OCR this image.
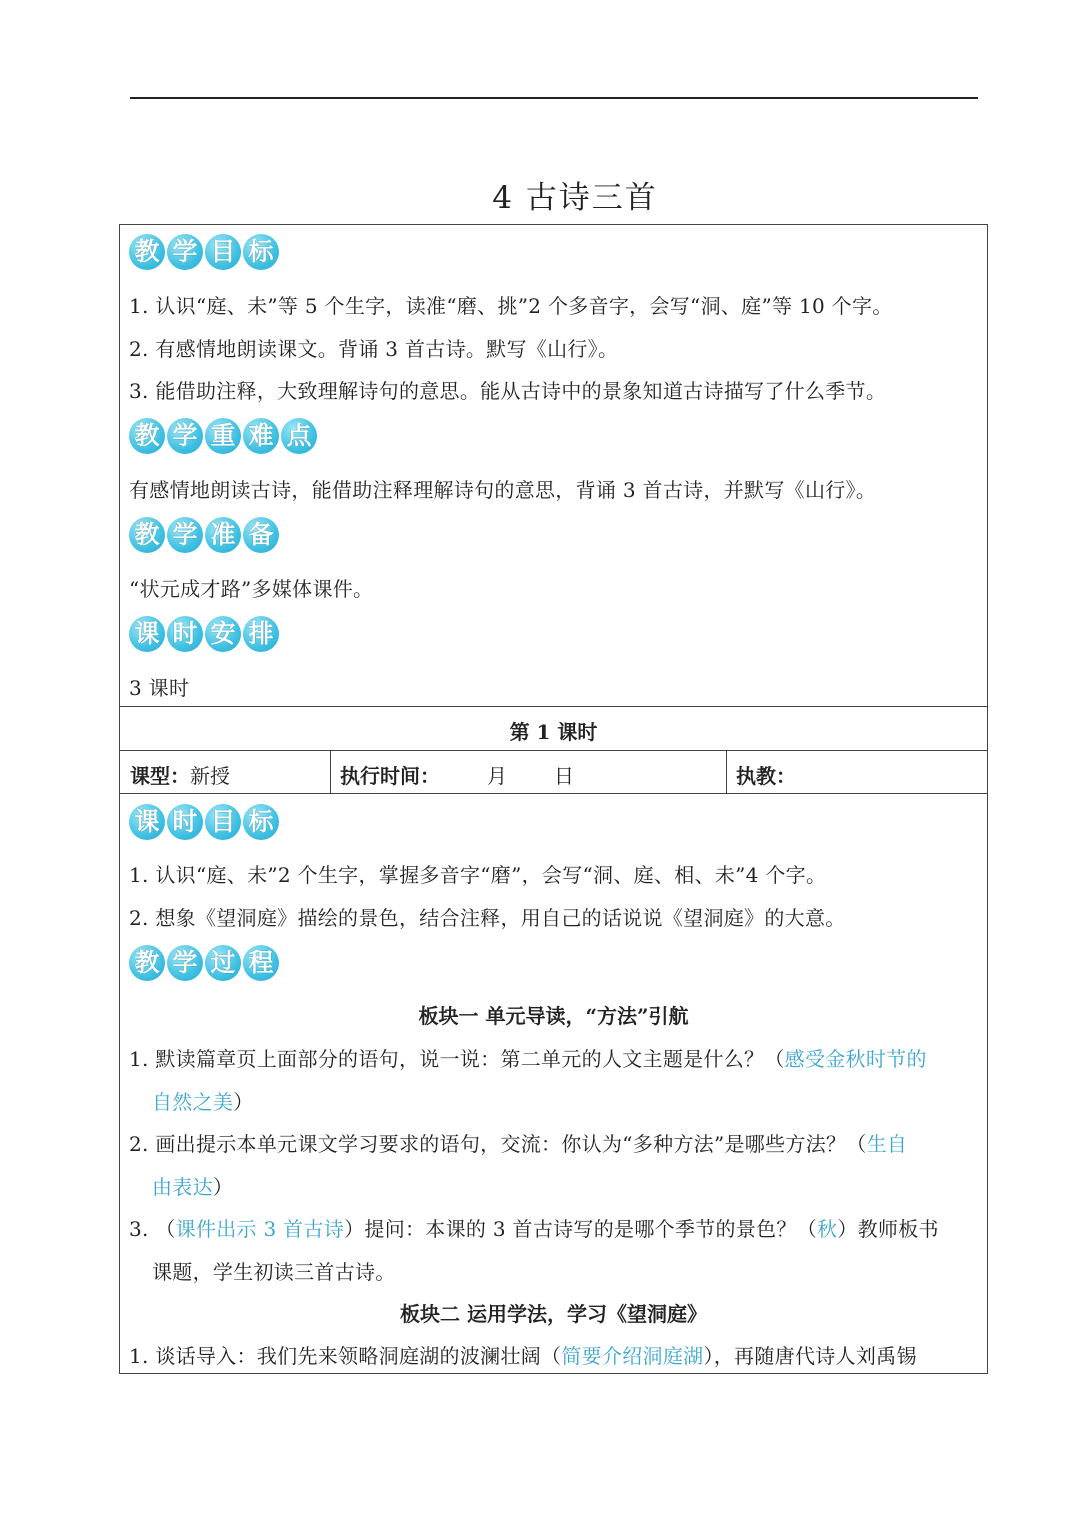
4 古诗三首
教 学 目 标
1. 认识“庭、未”等 5 个生字，读准“磨、挑”2 个多音字，会写“洞、庭”等 10 个字。
2. 有感情地朗读课文。背诵 3 首古诗。默写《山行》。
3. 能借助注释，大致理解诗句的意思。能从古诗中的景象知道古诗描写了什么季节。
教 学 重 难 点
有感情地朗读古诗，能借助注释理解诗句的意思，背诵 3 首古诗，并默写《山行》。
教 学 准 备
“状元成才路”多媒体课件。
课 时 安 排
3 课时
第 1 课时
课型：新授	执行时间： 月 日	执教：
课 时 目 标
1. 认识“庭、未”2 个生字，掌握多音字“磨”，会写“洞、庭、相、未”4 个字。
2. 想象《望洞庭》描绘的景色，结合注释，用自己的话说说《望洞庭》的大意。
教 学 过 程
板块一 单元导读，“方法”引航
1. 默读篇章页上面部分的语句，说一说：第二单元的人文主题是什么？（感受金秋时节的
自然之美）
2. 画出提示本单元课文学习要求的语句，交流：你认为“多种方法”是哪些方法？（生自
由表达）
3. （课件出示 3 首古诗）提问：本课的 3 首古诗写的是哪个季节的景色？（秋）教师板书
课题，学生初读三首古诗。
板块二 运用学法，学习《望洞庭》
1. 谈话导入：我们先来领略洞庭湖的波澜壮阔（简要介绍洞庭湖），再随唐代诗人刘禹锡
